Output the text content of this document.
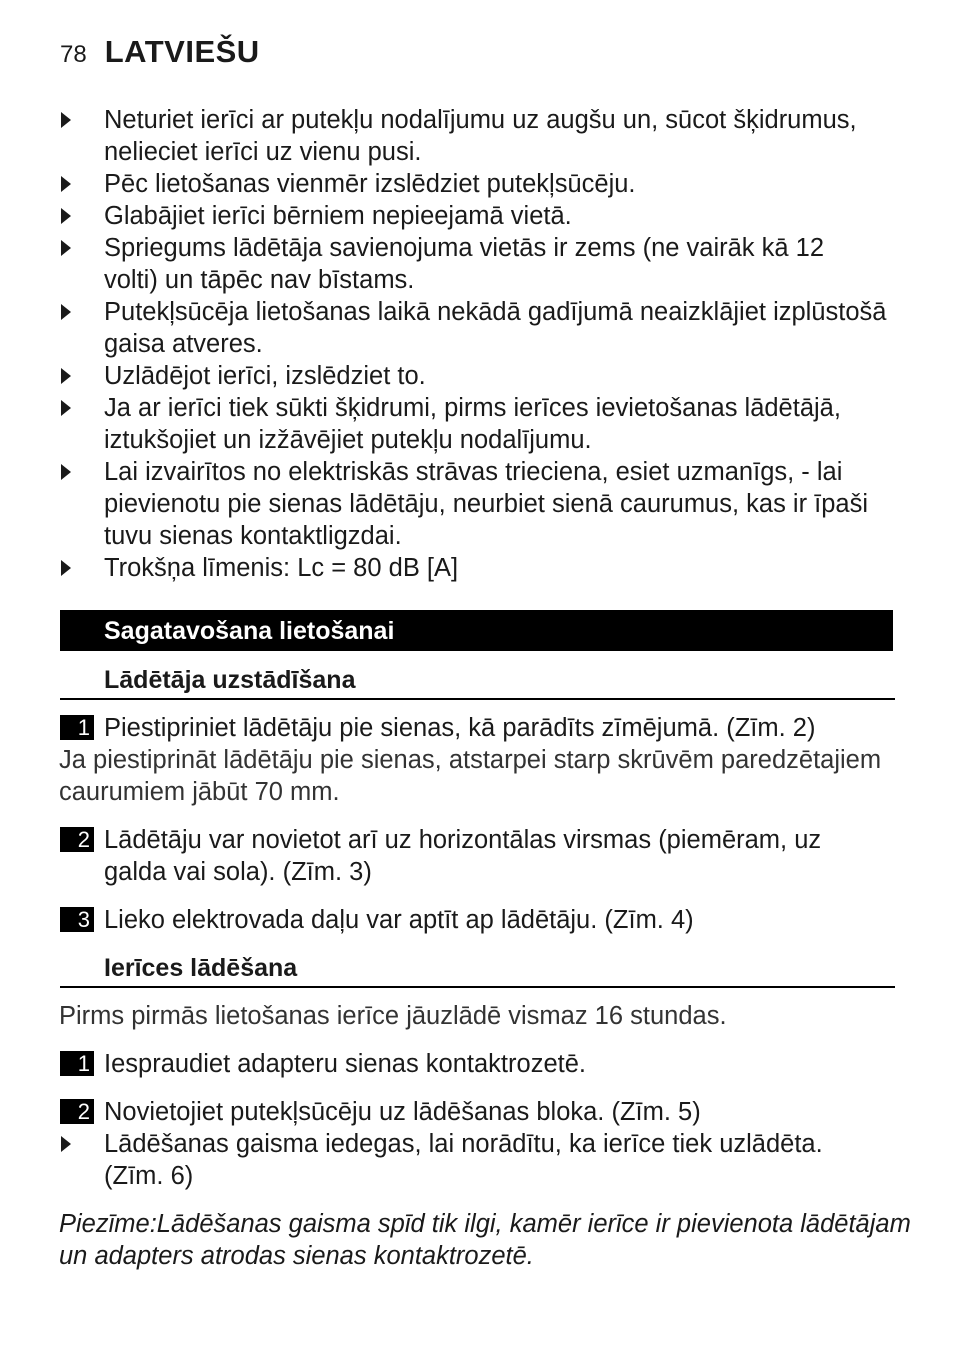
78 LATVIEŠU
Neturiet ierīci ar putekļu nodalījumu uz augšu un, sūcot šķidrumus,
nelieciet ierīci uz vienu pusi.
Pēc lietošanas vienmēr izslēdziet putekļsūcēju.
Glabājiet ierīci bērniem nepieejamā vietā.
Spriegums lādētāja savienojuma vietās ir zems (ne vairāk kā 12
volti) un tāpēc nav bīstams.
Putekļsūcēja lietošanas laikā nekādā gadījumā neaizklājiet izplūstošā
gaisa atveres.
Uzlādējot ierīci, izslēdziet to.
Ja ar ierīci tiek sūkti šķidrumi, pirms ierīces ievietošanas lādētājā,
iztukšojiet un izžāvējiet putekļu nodalījumu.
Lai izvairītos no elektriskās strāvas trieciena, esiet uzmanīgs, - lai
pievienotu pie sienas lādētāju, neurbiet sienā caurumus, kas ir īpaši
tuvu sienas kontaktligzdai.
Trokšņa līmenis: Lc = 80 dB [A]
Sagatavošana lietošanai
Lādētāja uzstādīšana
1 Piestipriniet lādētāju pie sienas, kā parādīts zīmējumā. (Zīm. 2)
Ja piestiprināt lādētāju pie sienas, atstarpei starp skrūvēm paredzētajiem
caurumiem jābūt 70 mm.
2 Lādētāju var novietot arī uz horizontālas virsmas (piemēram, uz
galda vai sola). (Zīm. 3)
3 Lieko elektrovada daļu var aptīt ap lādētāju. (Zīm. 4)
Ierīces lādēšana
Pirms pirmās lietošanas ierīce jāuzlādē vismaz 16 stundas.
1 Iespraudiet adapteru sienas kontaktrozetē.
2 Novietojiet putekļsūcēju uz lādēšanas bloka. (Zīm. 5)
Lādēšanas gaisma iedegas, lai norādītu, ka ierīce tiek uzlādēta.
(Zīm. 6)
Piezīme:Lādēšanas gaisma spīd tik ilgi, kamēr ierīce ir pievienota lādētājam
un adapters atrodas sienas kontaktrozetē.
